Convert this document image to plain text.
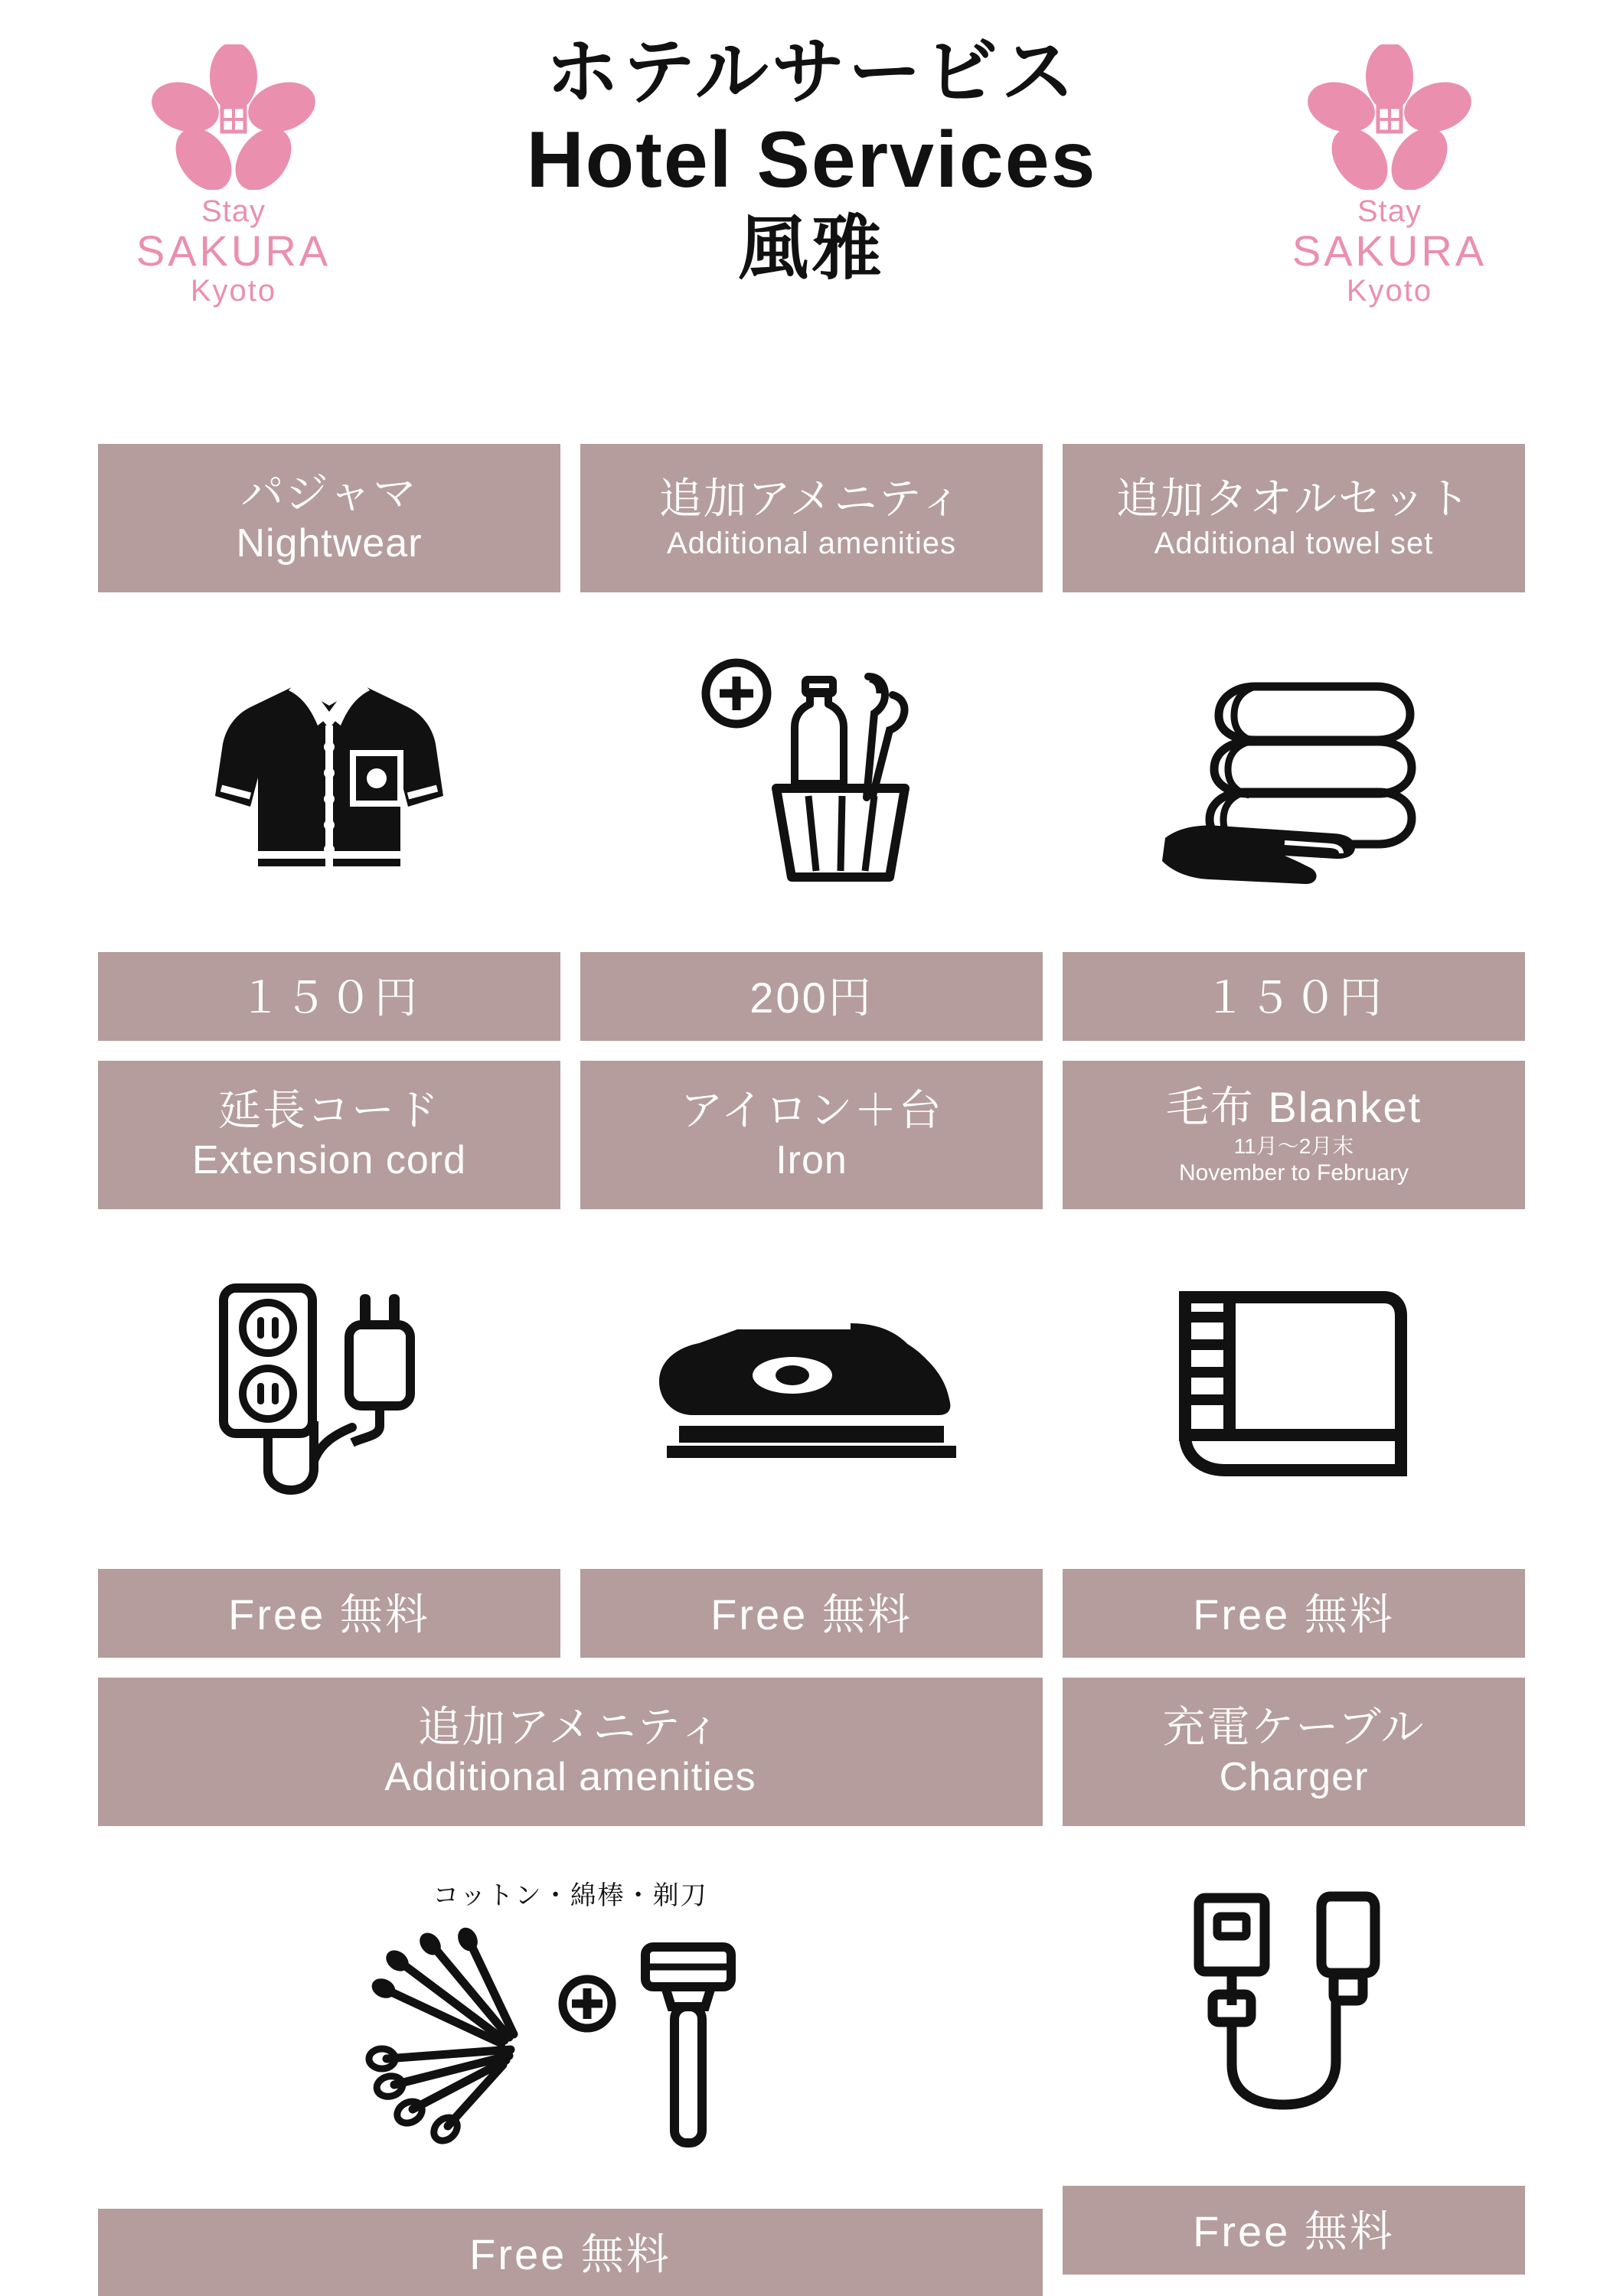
Stay
SAKURA
Kyoto
ホテルサービス
Hotel Services
風雅	Stay
SAKURA
Kyoto
パジャマ
Nightwear
１５０円
追加アメニティ
Additional amenities
200円
追加タオルセット
Additional towel set
１５０円
延長コード
Extension cord
Free 無料
アイロン＋台
Iron
Free 無料
毛布 Blanket
11月〜2月末
November to February
Free 無料
追加アメニティ
Additional amenities
コットン・綿棒・剃刀
Free 無料
充電ケーブル
Charger
Free 無料
